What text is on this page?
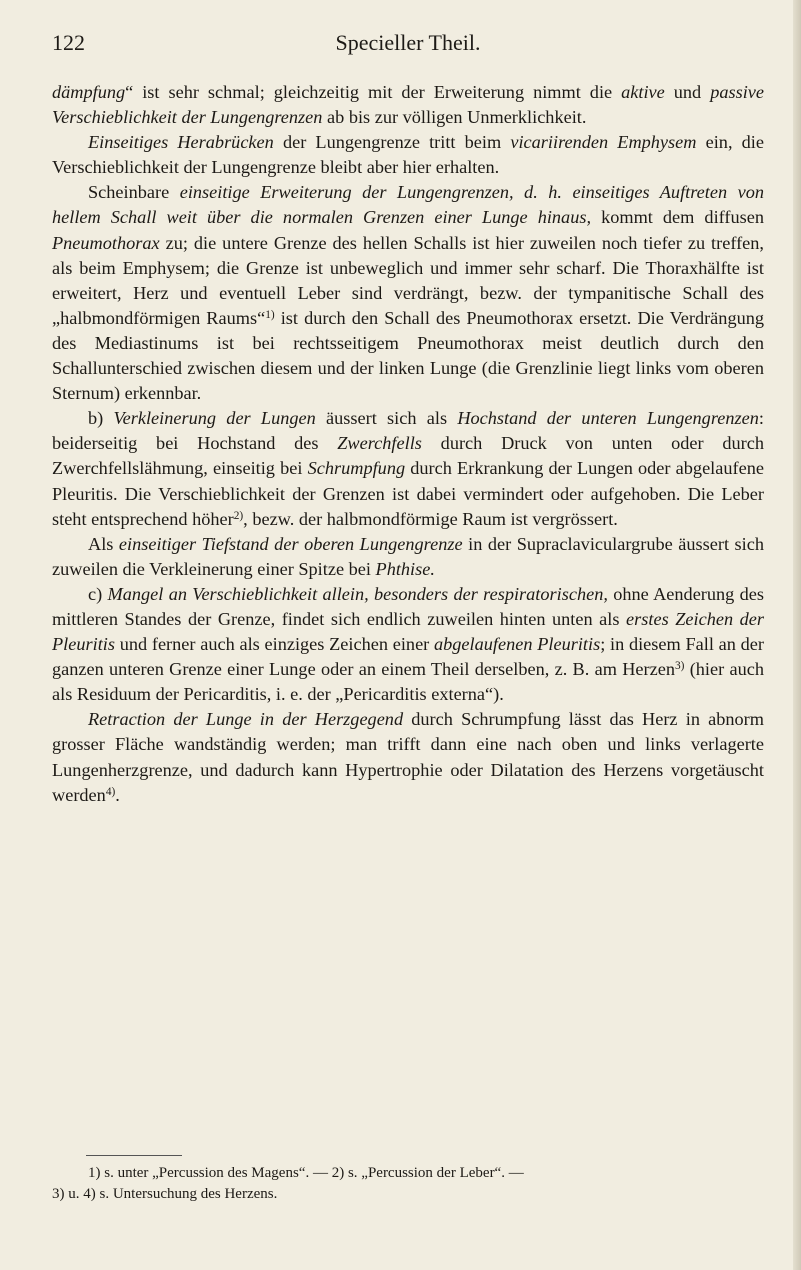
122	Specieller Theil.

dämpfung“ ist sehr schmal; gleichzeitig mit der Erweiterung nimmt die aktive und passive Verschieblichkeit der Lungengrenzen ab bis zur völligen Unmerklichkeit.

Einseitiges Herabrücken der Lungengrenze tritt beim vicariirenden Emphysem ein, die Verschieblichkeit der Lungengrenze bleibt aber hier erhalten.

Scheinbare einseitige Erweiterung der Lungengrenzen, d. h. einseitiges Auftreten von hellem Schall weit über die normalen Grenzen einer Lunge hinaus, kommt dem diffusen Pneumothorax zu; die untere Grenze des hellen Schalls ist hier zuweilen noch tiefer zu treffen, als beim Emphysem; die Grenze ist unbeweglich und immer sehr scharf. Die Thoraxhälfte ist erweitert, Herz und eventuell Leber sind verdrängt, bezw. der tympanitische Schall des „halbmondförmigen Raums“$^{1)}$ ist durch den Schall des Pneumothorax ersetzt. Die Verdrängung des Mediastinums ist bei rechtsseitigem Pneumothorax meist deutlich durch den Schallunterschied zwischen diesem und der linken Lunge (die Grenzlinie liegt links vom oberen Sternum) erkennbar.

b) Verkleinerung der Lungen äussert sich als Hochstand der unteren Lungengrenzen: beiderseitig bei Hochstand des Zwerchfells durch Druck von unten oder durch Zwerchfellslähmung, einseitig bei Schrumpfung durch Erkrankung der Lungen oder abgelaufene Pleuritis. Die Verschieblichkeit der Grenzen ist dabei vermindert oder aufgehoben. Die Leber steht entsprechend höher$^{2)}$, bezw. der halbmondförmige Raum ist vergrössert.

Als einseitiger Tiefstand der oberen Lungengrenze in der Supraclaviculargrube äussert sich zuweilen die Verkleinerung einer Spitze bei Phthise.

c) Mangel an Verschieblichkeit allein, besonders der respiratorischen, ohne Aenderung des mittleren Standes der Grenze, findet sich endlich zuweilen hinten unten als erstes Zeichen der Pleuritis und ferner auch als einziges Zeichen einer abgelaufenen Pleuritis; in diesem Fall an der ganzen unteren Grenze einer Lunge oder an einem Theil derselben, z. B. am Herzen$^{3)}$ (hier auch als Residuum der Pericarditis, i. e. der „Pericarditis externa“).

Retraction der Lunge in der Herzgegend durch Schrumpfung lässt das Herz in abnorm grosser Fläche wandständig werden; man trifft dann eine nach oben und links verlagerte Lungenherzgrenze, und dadurch kann Hypertrophie oder Dilatation des Herzens vorgetäuscht werden$^{4)}$.

1) s. unter „Percussion des Magens“. — 2) s. „Percussion der Leber“. —

3) u. 4) s. Untersuchung des Herzens.
